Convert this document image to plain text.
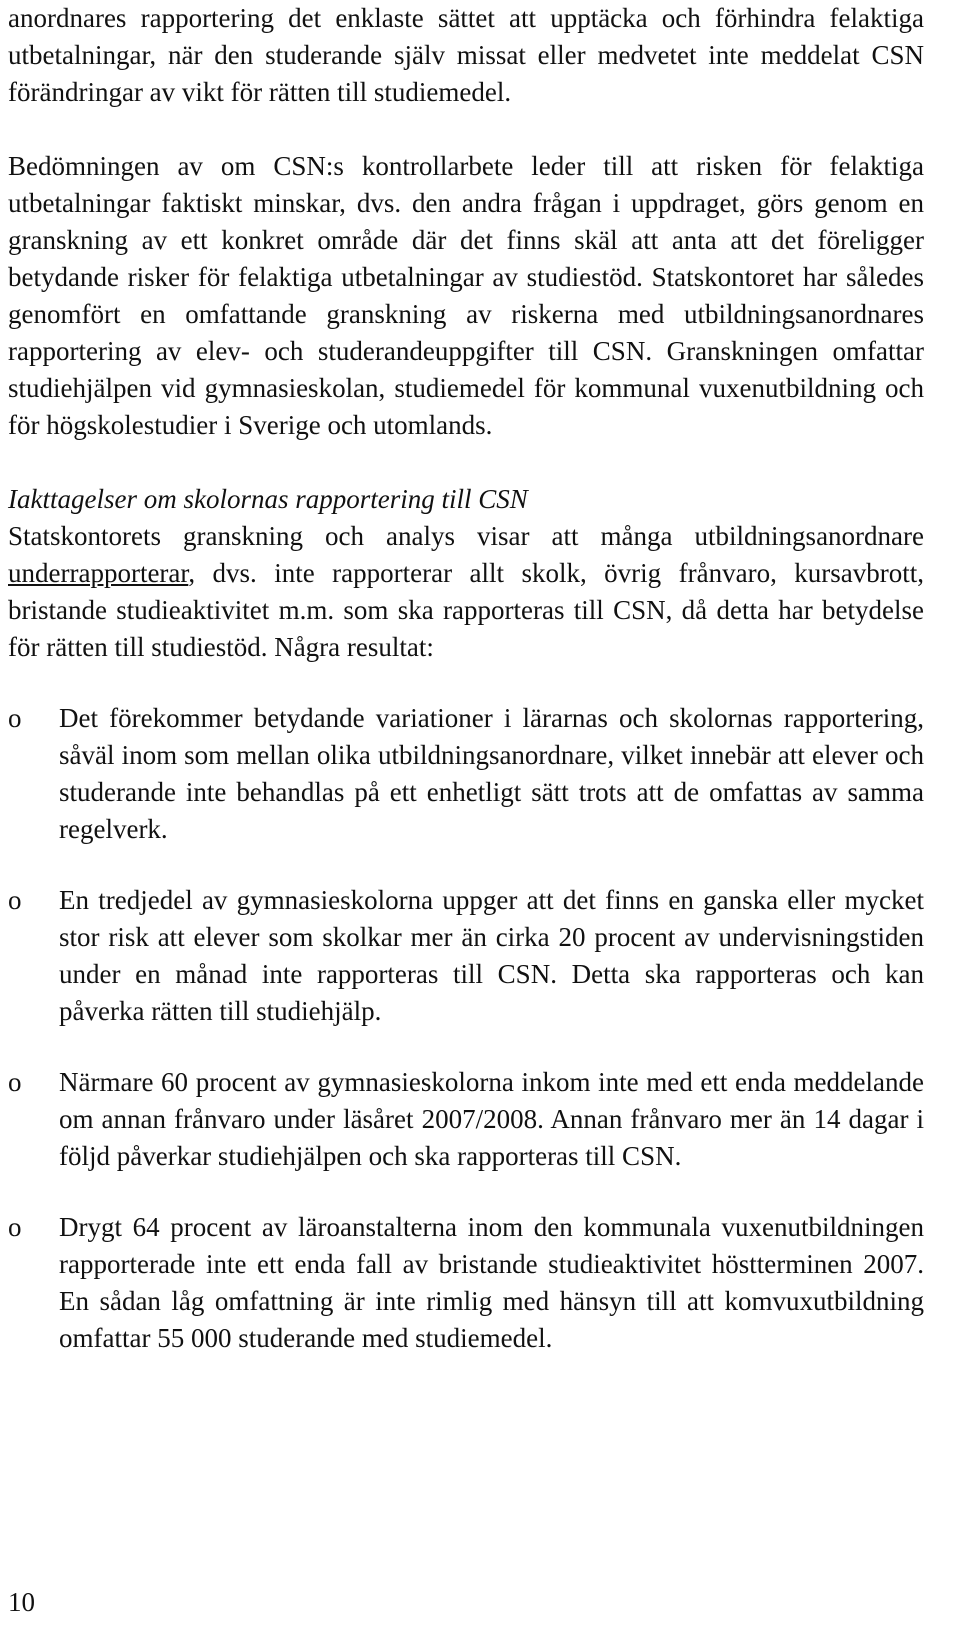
anordnares rapportering det enklaste sättet att upptäcka och förhindra felaktiga utbetalningar, när den studerande själv missat eller medvetet inte meddelat CSN förändringar av vikt för rätten till studiemedel.

Bedömningen av om CSN:s kontrollarbete leder till att risken för felaktiga utbetalningar faktiskt minskar, dvs. den andra frågan i uppdraget, görs genom en granskning av ett konkret område där det finns skäl att anta att det föreligger betydande risker för felaktiga utbetalningar av studiestöd. Statskontoret har således genomfört en omfattande granskning av riskerna med utbildningsanordnares rapportering av elev- och studerandeuppgifter till CSN. Granskningen omfattar studiehjälpen vid gymnasieskolan, studiemedel för kommunal vuxenutbildning och för högskolestudier i Sverige och utomlands.

Iakttagelser om skolornas rapportering till CSN

Statskontorets granskning och analys visar att många utbildningsanordnare underrapporterar, dvs. inte rapporterar allt skolk, övrig frånvaro, kursavbrott, bristande studieaktivitet m.m. som ska rapporteras till CSN, då detta har betydelse för rätten till studiestöd. Några resultat:

o Det förekommer betydande variationer i lärarnas och skolornas rapportering, såväl inom som mellan olika utbildningsanordnare, vilket innebär att elever och studerande inte behandlas på ett enhetligt sätt trots att de omfattas av samma regelverk.

o En tredjedel av gymnasieskolorna uppger att det finns en ganska eller mycket stor risk att elever som skolkar mer än cirka 20 procent av undervisningstiden under en månad inte rapporteras till CSN. Detta ska rapporteras och kan påverka rätten till studiehjälp.

o Närmare 60 procent av gymnasieskolorna inkom inte med ett enda meddelande om annan frånvaro under läsåret 2007/2008. Annan frånvaro mer än 14 dagar i följd påverkar studiehjälpen och ska rapporteras till CSN.

o Drygt 64 procent av läroanstalterna inom den kommunala vuxenutbildningen rapporterade inte ett enda fall av bristande studieaktivitet höstterminen 2007. En sådan låg omfattning är inte rimlig med hänsyn till att komvuxutbildning omfattar 55 000 studerande med studiemedel.

10
